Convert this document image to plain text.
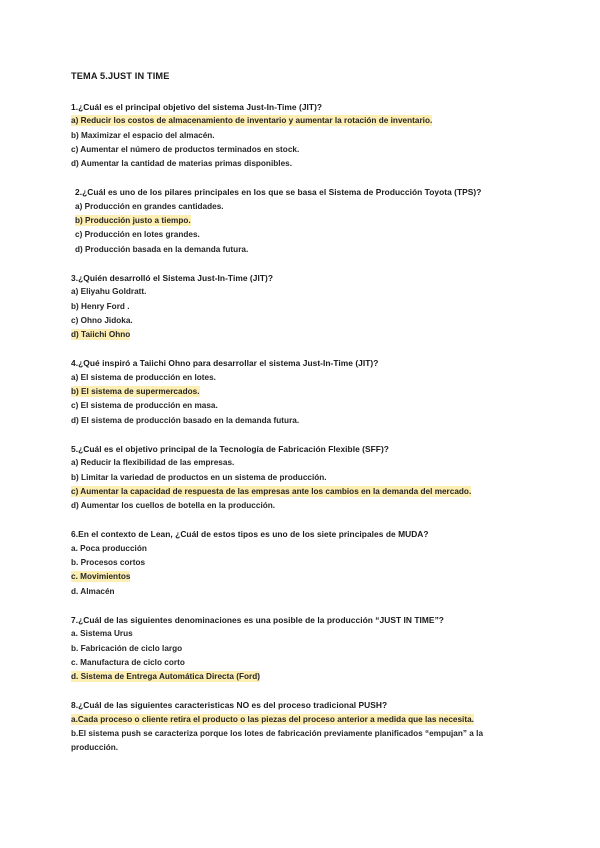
TEMA 5.JUST IN TIME

1.¿Cuál es el principal objetivo del sistema Just-In-Time (JIT)?

a) Reducir los costos de almacenamiento de inventario y aumentar la rotación de inventario.

b) Maximizar el espacio del almacén.

c) Aumentar el número de productos terminados en stock.

d) Aumentar la cantidad de materias primas disponibles.

2.¿Cuál es uno de los pilares principales en los que se basa el Sistema de Producción Toyota (TPS)?

a) Producción en grandes cantidades.

b) Producción justo a tiempo.

c) Producción en lotes grandes.

d) Producción basada en la demanda futura.

3.¿Quién desarrolló el Sistema Just-In-Time (JIT)?

a) Eliyahu Goldratt.

b) Henry Ford .

c) Ohno Jidoka.

d) Taiichi Ohno

4.¿Qué inspiró a Taiichi Ohno para desarrollar el sistema Just-In-Time (JIT)?

a) El sistema de producción en lotes.

b) El sistema de supermercados.

c) El sistema de producción en masa.

d) El sistema de producción basado en la demanda futura.

5.¿Cuál es el objetivo principal de la Tecnología de Fabricación Flexible (SFF)?

a) Reducir la flexibilidad de las empresas.

b) Limitar la variedad de productos en un sistema de producción.

c) Aumentar la capacidad de respuesta de las empresas ante los cambios en la demanda del mercado.

d) Aumentar los cuellos de botella en la producción.

6.En el contexto de Lean, ¿Cuál de estos tipos es uno de los siete principales de MUDA?

a. Poca producción

b. Procesos cortos

c. Movimientos

d. Almacén

7.¿Cuál de las siguientes denominaciones es una posible de la producción “JUST IN TIME”?

a. Sistema Urus

b. Fabricación de ciclo largo

c. Manufactura de ciclo corto

d. Sistema de Entrega Automática Directa (Ford)

8.¿Cuál de las siguientes caracteristicas NO es del proceso tradicional PUSH?

a.Cada proceso o cliente retira el producto o las piezas del proceso anterior a medida que las necesita.

b.El sistema push se caracteriza porque los lotes de fabricación previamente planificados “empujan” a la producción.
